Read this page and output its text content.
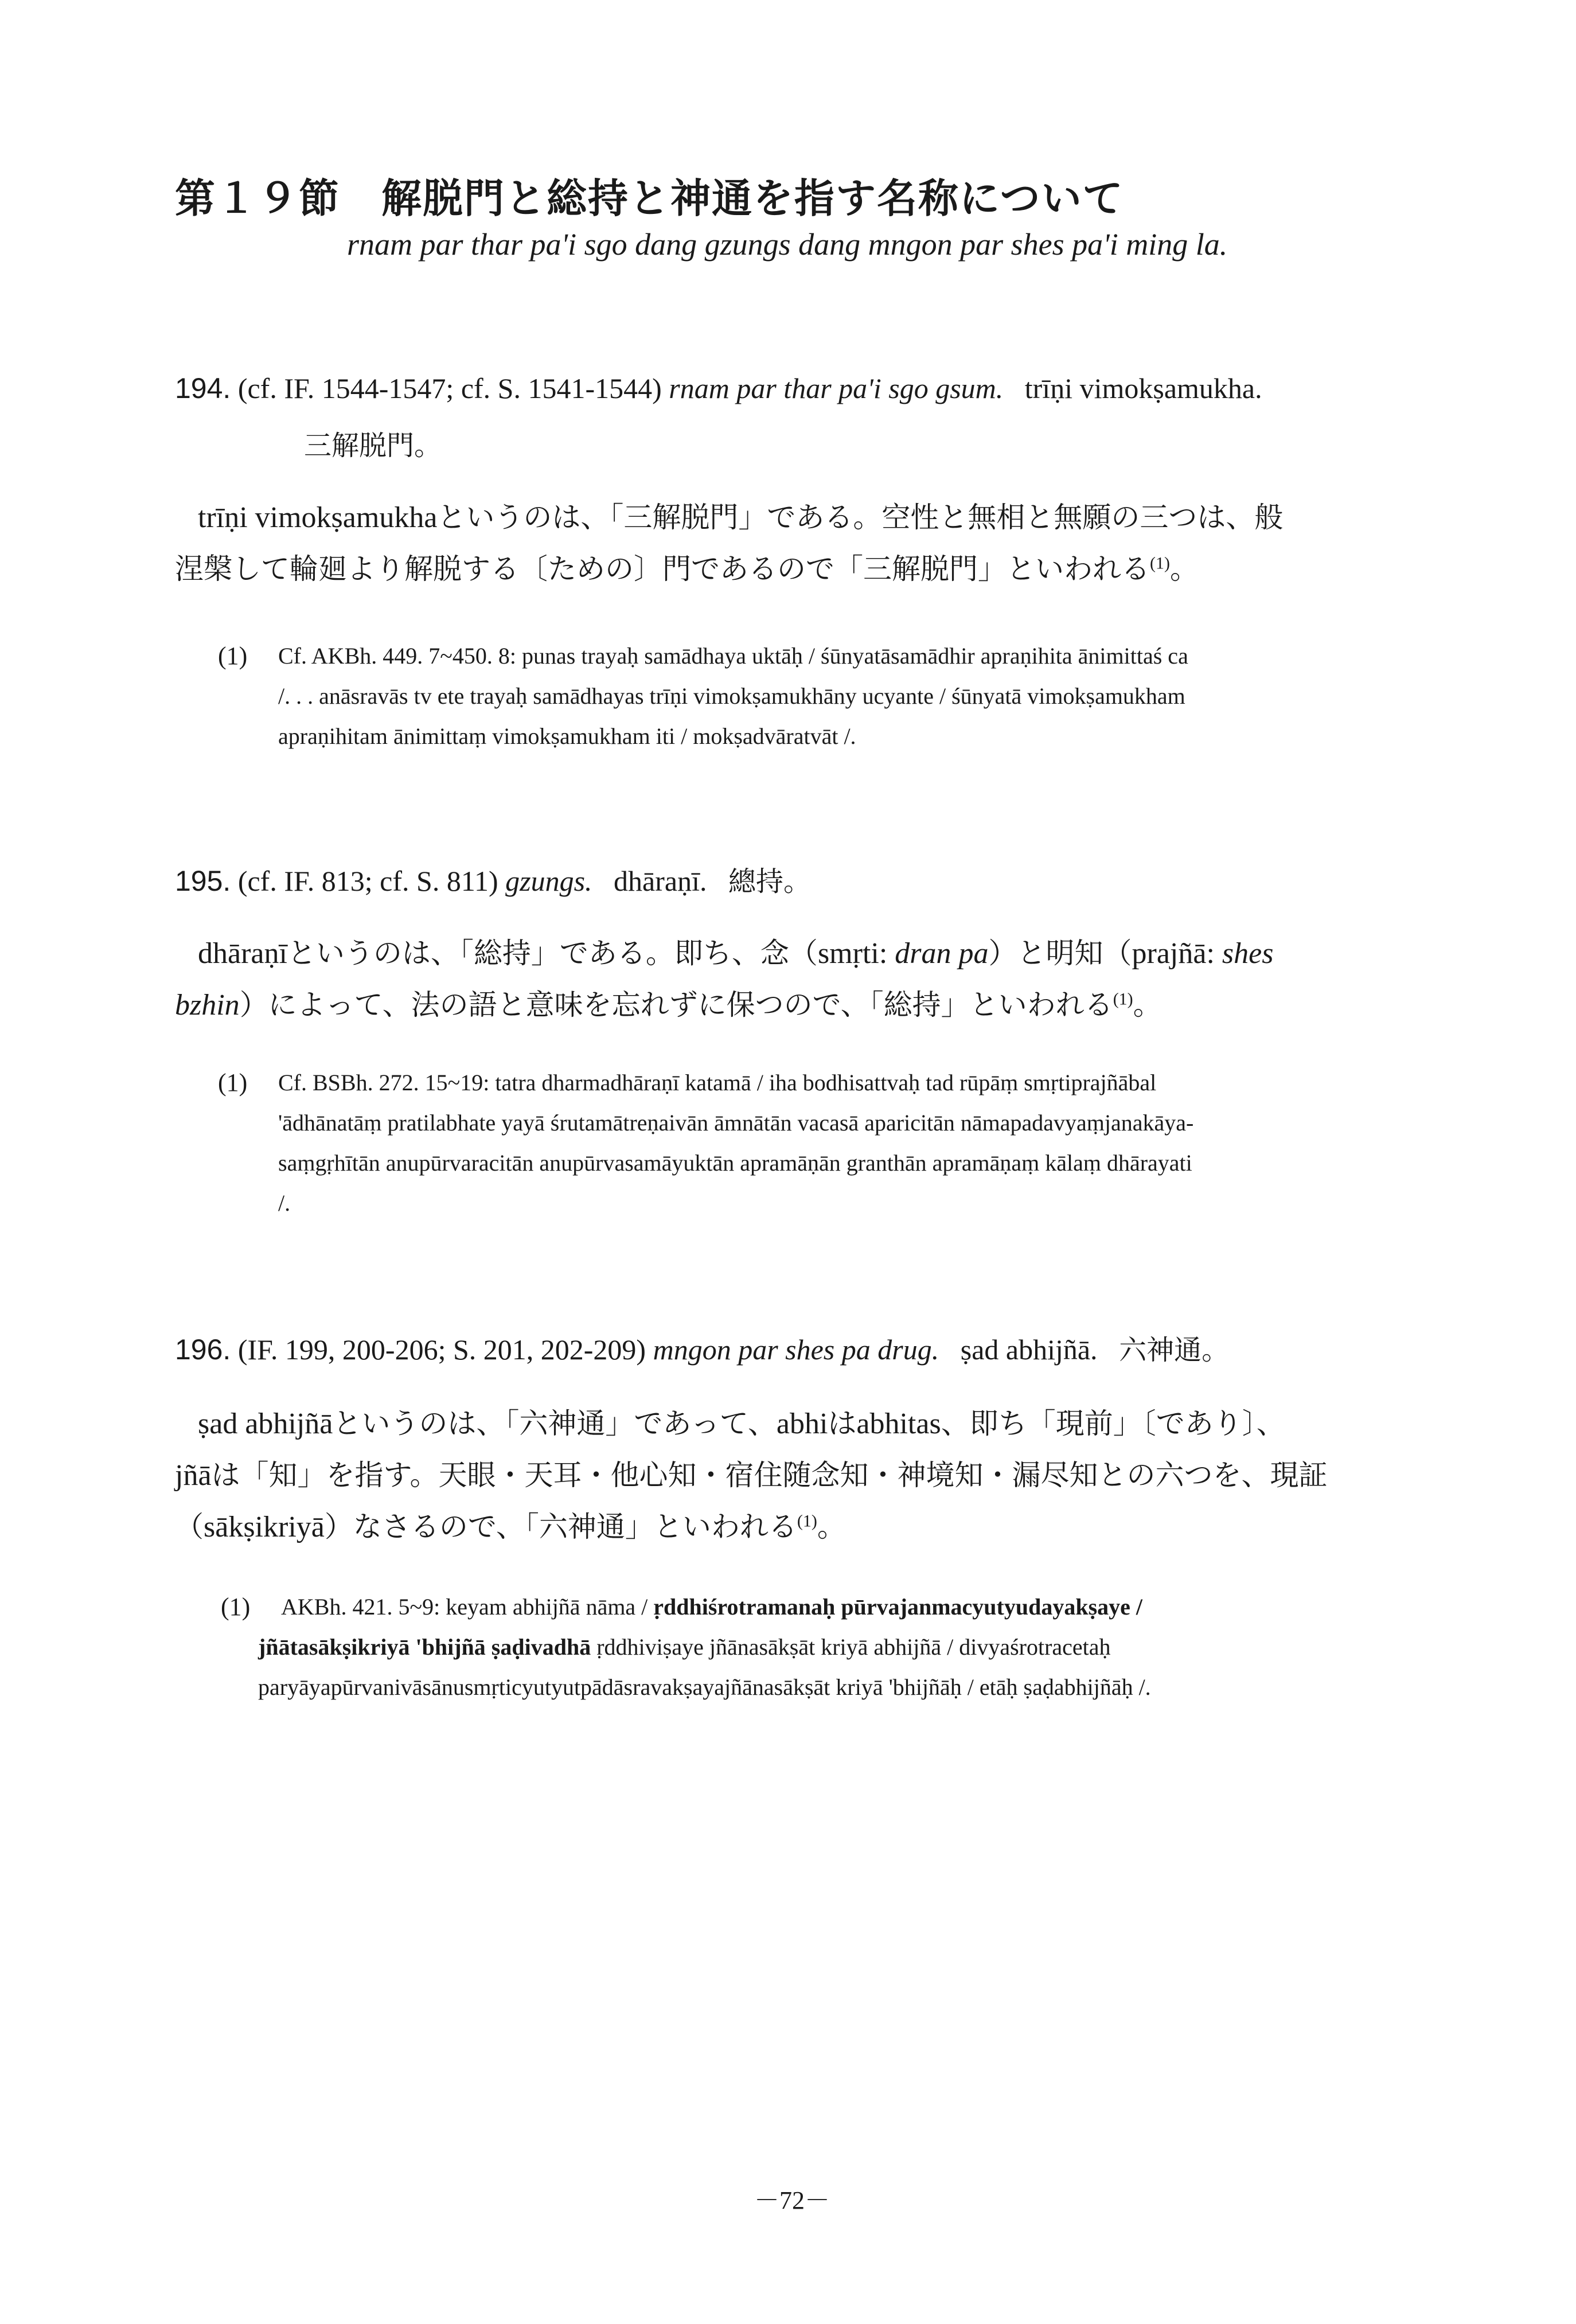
第１９節　解脱門と総持と神通を指す名称について
rnam par thar pa'i sgo dang gzungs dang mngon par shes pa'i ming la.
194. (cf. IF. 1544-1547; cf. S. 1541-1544) rnam par thar pa'i sgo gsum. trīṇi vimokṣamukha.
三解脱門。
trīṇi vimokṣamukhaというのは、「三解脱門」である。空性と無相と無願の三つは、般
涅槃して輪廻より解脱する〔ための〕門であるので「三解脱門」といわれる$^{(1)}$。
(1) Cf. AKBh. 449. 7~450. 8: punas trayaḥ samādhaya uktāḥ / śūnyatāsamādhir apraṇihita ānimittaś ca
/. . . anāsravās tv ete trayaḥ samādhayas trīṇi vimokṣamukhāny ucyante / śūnyatā vimokṣamukham
apraṇihitam ānimittaṃ vimokṣamukham iti / mokṣadvāratvāt /.
195. (cf. IF. 813; cf. S. 811) gzungs. dhāraṇī. 總持。
dhāraṇīというのは、「総持」である。即ち、念（smṛti: dran pa）と明知（prajñā: shes
bzhin）によって、法の語と意味を忘れずに保つので、「総持」といわれる$^{(1)}$。
(1) Cf. BSBh. 272. 15~19: tatra dharmadhāraṇī katamā / iha bodhisattvaḥ tad rūpāṃ smṛtiprajñābal
'ādhānatāṃ pratilabhate yayā śrutamātreṇaivān āmnātān vacasā aparicitān nāmapadavyaṃjanakāya-
saṃgṛhītān anupūrvaracitān anupūrvasamāyuktān apramāṇān granthān apramāṇaṃ kālaṃ dhārayati
/.
196. (IF. 199, 200-206; S. 201, 202-209) mngon par shes pa drug. ṣad abhijñā. 六神通。
ṣad abhijñāというのは、「六神通」であって、abhiはabhitas、即ち「現前」〔であり〕、
jñāは「知」を指す。天眼・天耳・他心知・宿住随念知・神境知・漏尽知との六つを、現証
（sākṣikriyā）なさるので、「六神通」といわれる$^{(1)}$。
(1) AKBh. 421. 5~9: keyam abhijñā nāma / ṛddhiśrotramanaḥ pūrvajanmacyutyudayakṣaye /
jñātasākṣikriyā 'bhijñā ṣaḍivadhā ṛddhiviṣaye jñānasākṣāt kriyā abhijñā / divyaśrotracetaḥ
paryāyapūrvanivāsānusmṛticyutyutpādāsravakṣayajñānasākṣāt kriyā 'bhijñāḥ / etāḥ ṣaḍabhijñāḥ /.
－72－
